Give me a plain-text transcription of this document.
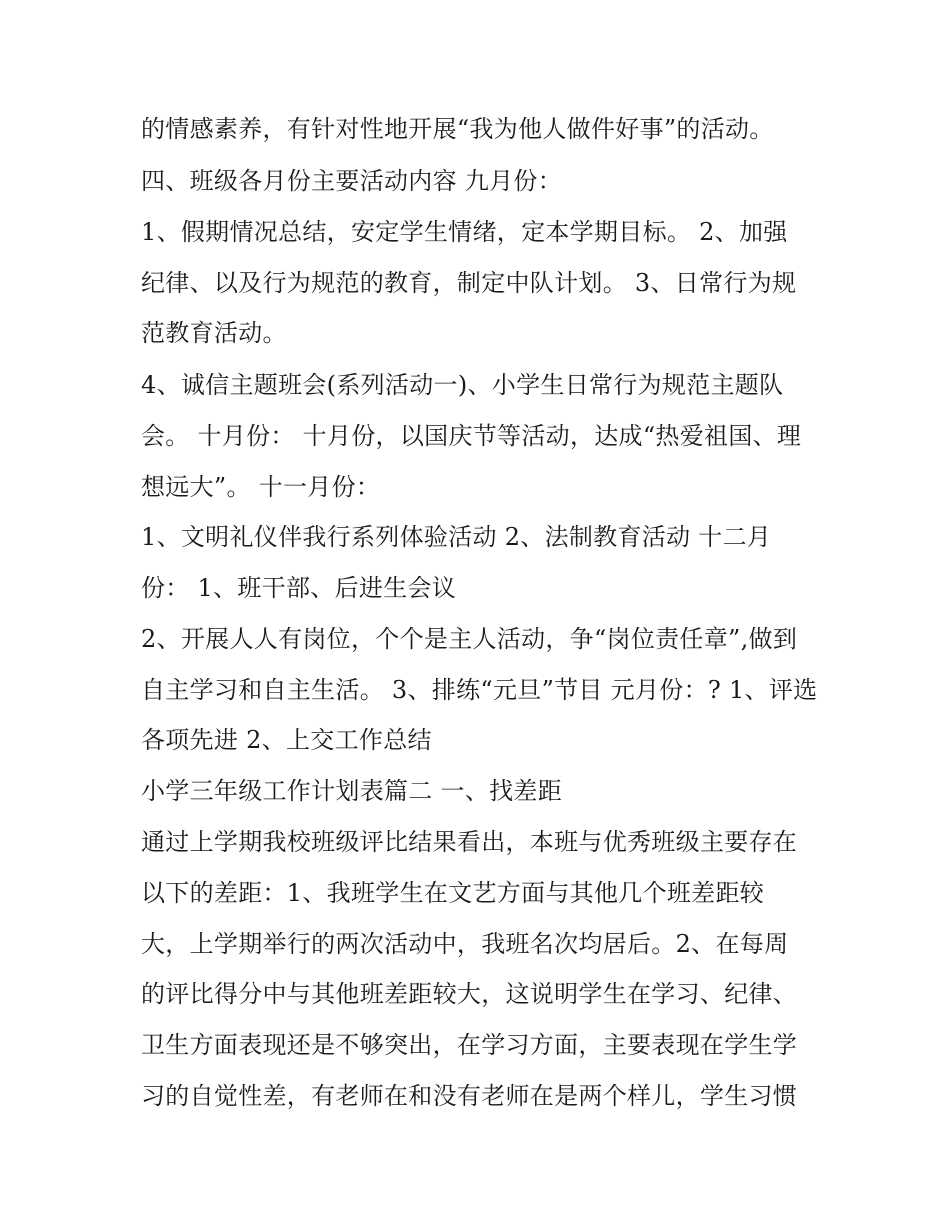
的情感素养，有针对性地开展“我为他人做件好事”的活动。
四、班级各月份主要活动内容 九月份：
1、假期情况总结，安定学生情绪，定本学期目标。 2、加强
纪律、以及行为规范的教育，制定中队计划。 3、日常行为规
范教育活动。
4、诚信主题班会(系列活动一)、小学生日常行为规范主题队
会。 十月份： 十月份，以国庆节等活动，达成“热爱祖国、理
想远大”。 十一月份：
1、文明礼仪伴我行系列体验活动 2、法制教育活动 十二月
份： 1、班干部、后进生会议
2、开展人人有岗位，个个是主人活动，争“岗位责任章”,做到
自主学习和自主生活。 3、排练“元旦”节目 元月份：? 1、评选
各项先进 2、上交工作总结
小学三年级工作计划表篇二 一、找差距
通过上学期我校班级评比结果看出，本班与优秀班级主要存在
以下的差距：1、我班学生在文艺方面与其他几个班差距较
大，上学期举行的两次活动中，我班名次均居后。2、在每周
的评比得分中与其他班差距较大，这说明学生在学习、纪律、
卫生方面表现还是不够突出，在学习方面，主要表现在学生学
习的自觉性差，有老师在和没有老师在是两个样儿，学生习惯
